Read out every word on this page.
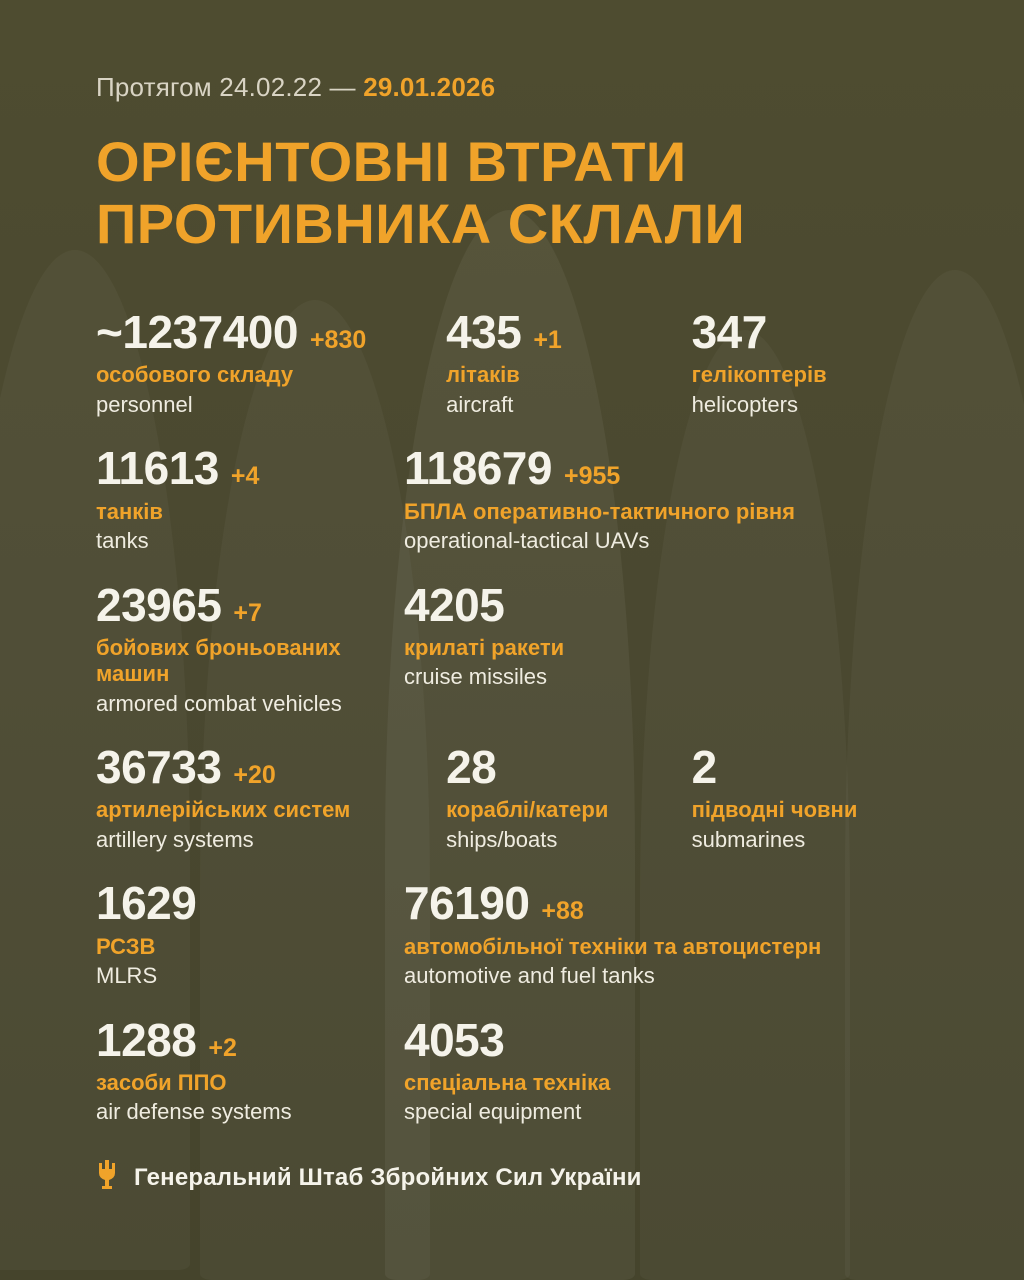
Протягом 24.02.22 — 29.01.2026
ОРІЄНТОВНІ ВТРАТИ
ПРОТИВНИКА СКЛАЛИ
~1237400 +830
особового складу
personnel
435 +1
літаків
aircraft
347
гелікоптерів
helicopters
11613 +4
танків
tanks
118679 +955
БПЛА оперативно-тактичного рівня
operational-tactical UAVs
23965 +7
бойових броньованих машин
armored combat vehicles
4205
крилаті ракети
cruise missiles
36733 +20
артилерійських систем
artillery systems
28
кораблі/катери
ships/boats
2
підводні човни
submarines
1629
РСЗВ
MLRS
76190 +88
автомобільної техніки та автоцистерн
automotive and fuel tanks
1288 +2
засоби ППО
air defense systems
4053
спеціальна техніка
special equipment
Генеральний Штаб Збройних Сил України
